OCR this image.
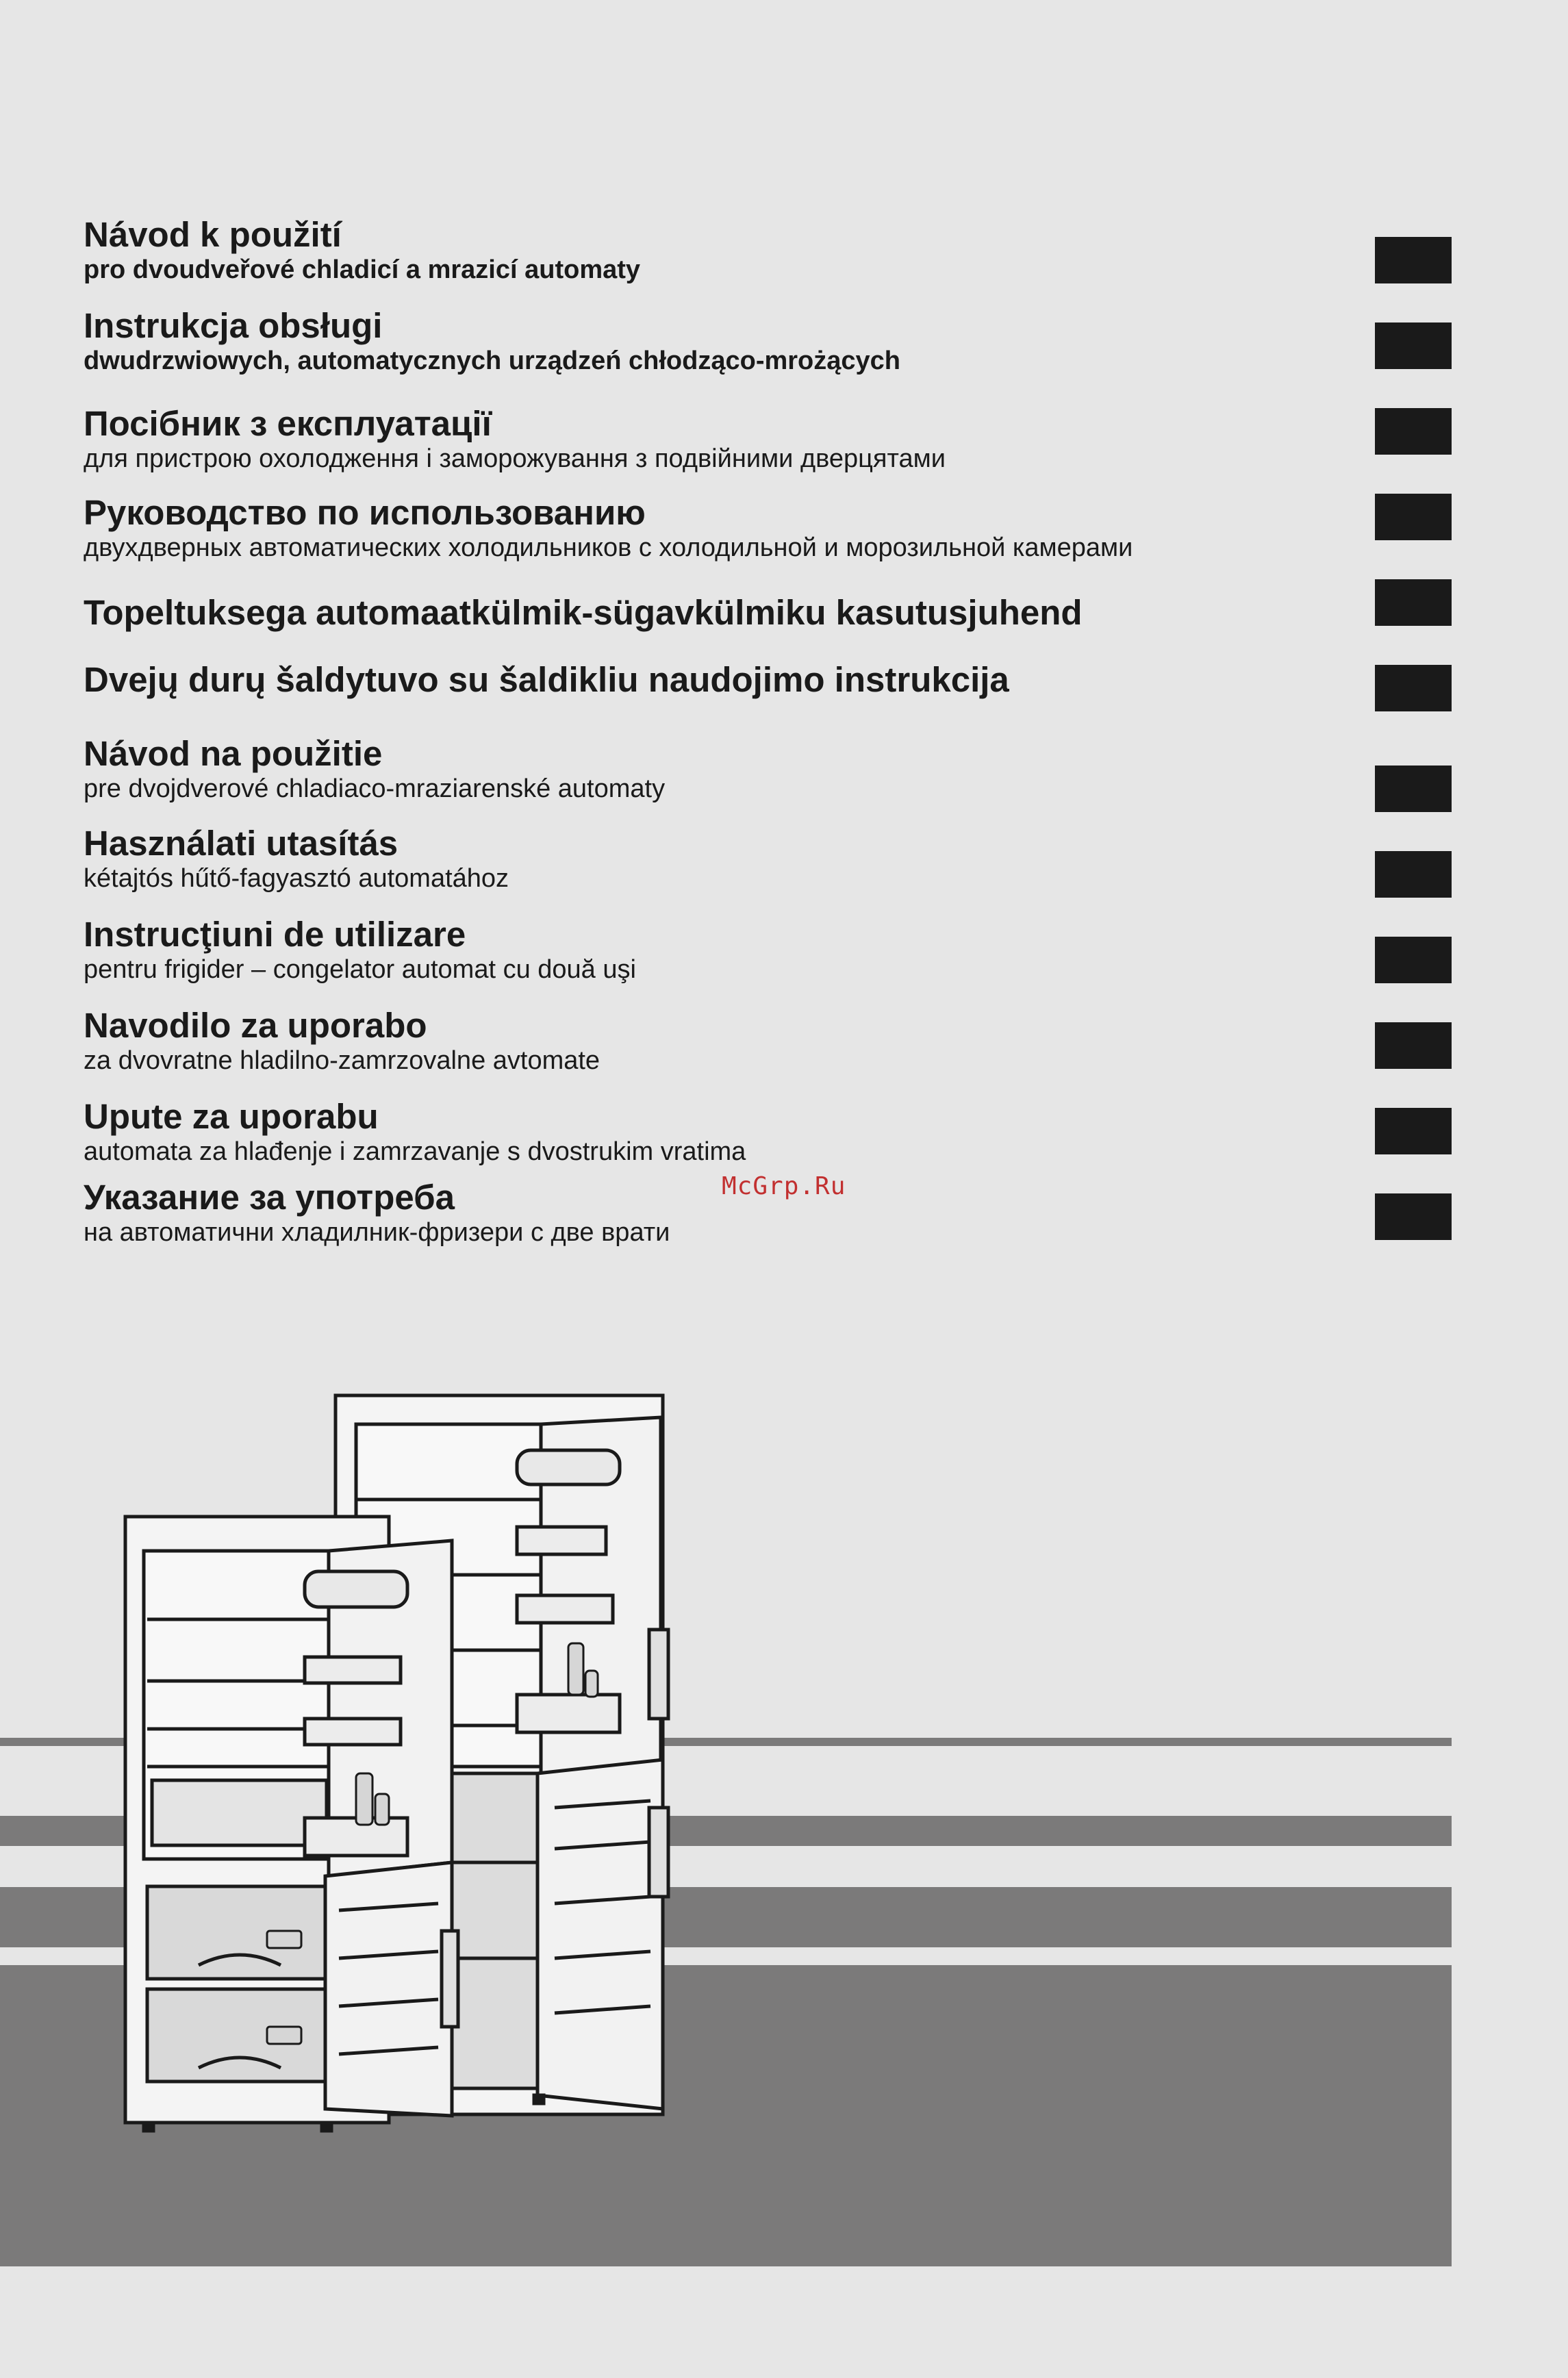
Návod k použití
pro dvoudveřové chladicí a mrazicí automaty
Instrukcja obsługi
dwudrzwiowych, automatycznych urządzeń chłodząco-mrożących
Посібник з експлуатації
для пристрою охолодження і заморожування з подвійними дверцятами
Руководство по использованию
двухдверных автоматических холодильников с холодильной и морозильной камерами
Topeltuksega automaatkülmik-sügavkülmiku kasutusjuhend
Dvejų durų šaldytuvo su šaldikliu naudojimo instrukcija
Návod na použitie
pre dvojdverové chladiaco-mraziarenské automaty
Használati utasítás
kétajtós hűtő-fagyasztó automatához
Instrucţiuni de utilizare
pentru frigider – congelator automat cu două uşi
Navodilo za uporabo
za dvovratne hladilno-zamrzovalne avtomate
Upute za uporabu
automata za hlađenje i zamrzavanje s dvostrukim vratima
Указание за употреба
на автоматични хладилник-фризери с две врати
McGrp.Ru
